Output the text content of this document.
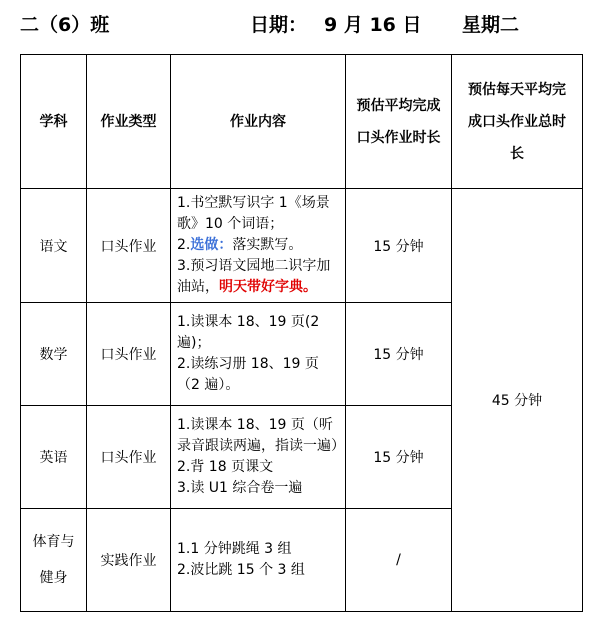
二（6）班	日期： 9 月 16 日 星期二
学科	作业类型	作业内容	预估平均完成口头作业时长	预估每天平均完成口头作业总时长
语文	口头作业	1.书空默写识字 1《场景歌》10 个词语；
2.选做：落实默写。
3.预习语文园地二识字加油站，明天带好字典。	15 分钟	45 分钟
数学	口头作业	1.读课本 18、19 页(2 遍)；
2.读练习册 18、19 页（2 遍）。	15 分钟	
英语	口头作业	1.读课本 18、19 页（听录音跟读两遍，指读一遍）
2.背 18 页课文
3.读 U1 综合卷一遍	15 分钟	
体育与健身	实践作业	1.1 分钟跳绳 3 组
2.波比跳 15 个 3 组	/	
